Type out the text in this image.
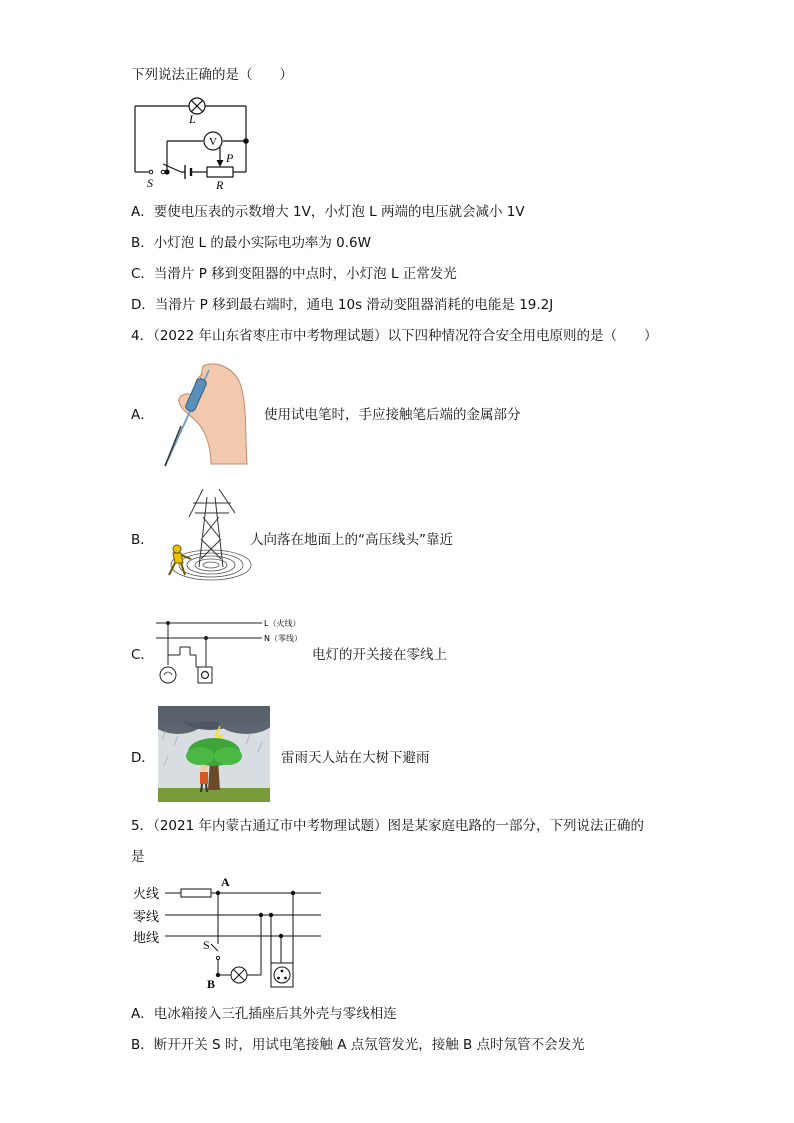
下列说法正确的是（　　）
V
L
P
S	R
A．要使电压表的示数增大 1V，小灯泡 L 两端的电压就会减小 1V
B．小灯泡 L 的最小实际电功率为 0.6W
C．当滑片 P 移到变阻器的中点时，小灯泡 L 正常发光
D．当滑片 P 移到最右端时，通电 10s 滑动变阻器消耗的电能是 19.2J
4．（2022 年山东省枣庄市中考物理试题）以下四种情况符合安全用电原则的是（　　）
A．	使用试电笔时，手应接触笔后端的金属部分
B．	人向落在地面上的“高压线头”靠近
C．
L（火线）
N（零线）
电灯的开关接在零线上
D．	雷雨天人站在大树下避雨
5．（2021 年内蒙古通辽市中考物理试题）图是某家庭电路的一部分，下列说法正确的
是
火线
零线
地线
A
S
B
A．电冰箱接入三孔插座后其外壳与零线相连
B．断开开关 S 时，用试电笔接触 A 点氖管发光，接触 B 点时氖管不会发光
